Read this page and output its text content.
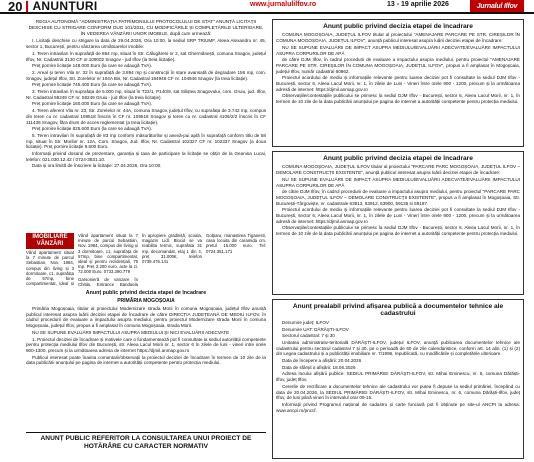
20 ANUNȚURI	www.jurnalulilfov.ro	13 - 19 aprilie 2026	Jurnalul Ilfov
REGIA AUTONOMĂ "ADMINISTRAȚIA PATRIMONIULUI PROTOCOLULUI DE STAT" ANUNȚĂ LICITAȚII DESCHISE CU STRIGARE CONFORM OUG 101/2011, CU MODIFICĂRILE ȘI COMPLETĂRILE ULTERIOARE, ÎN VEDEREA VÂNZĂRII UNOR IMOBILE, după cum urmează:

I. Licitații deschise cu strigare la data de 29.04.2026, Ora 10:00, la sediul SRP TRIUMF, Aleea Alexandru nr. 45, sector 1, București, pentru vânzarea următoarelor imobile:

1. Teren intravilan în suprafață de 864 mp, situat în Str. Călugăreni nr 2, sat Ghermănești, comuna Snagov, județul Ilfov, Nr. Cadastral 3130 CF nr.109002 Snagov - jud Ilfov (la treia licitație).

Preț pornire licitație 148.000 Euro (la care se adaugă TVA).

2. Areal și teren Vila nr. 32 în suprafață de 3.894 mp și construcții în stare avansată de degradare 156 mp, com. Snagov, județul Ilfov, Str. Zorelelor nr 104A Bis, Nr. Cadastral 194946 CF nr. 104946 Snagov (la treia licitație).

Preț pornire licitație 745.400 Euro (la care se adaugă TVA).

3. Teren intravilan în suprafața de 5.000 mp, situat în T22/1, P140/9, sat Siliștea Snagovului, com. Gruiu, jud. Ilfov, Nr. Cadastral 58249 CF nr. 58249 Gruiu - jud Ilfov (la treia licitație).

Preț pornire licitație 160.000 Euro (la care se adaugă TVA).

4. Teren aferent Vila nr. 23, Str. Zorelelor nr. 44A, comuna Snagov, județul Ilfov, cu suprafața de 3.742 mp, compus din teren cu nr. cadastral 109518 înscris în CF nr. 109518 Snagov și teren cu nr. cadastral 4106/2/2 înscris în CF 111436 Snagov, făra drum de acces reglementat (a treia licitație).

Preț pornire licitație 825.600 Euro (la care se adaugă TVA).

5. Teren intravilan în suprafață de 83 mp conform măsurătorilor și anexă-pui aplă în suprafață conform titlu de 58 mp, situat în Str. Morilor nr. 12A, Com. Snagov, Jud. Ilfov, Nr. Cadastral 102327 CF nr. 102337 Snagov (a doua licitație). Preț pornire licitație 9.600 Euro.

Informații privind dosarul de prezentare, garanția și taxa de participare la licitație se obțin de la Geanina Lucai, telefon: 021.030.12.42 / 0724-3831.10.

Data și ora limită de înscriere la licitație: 27.04.2026, Ora 10:00.

IMOBILIARE VÂNZĂRI
Vând apartament situat la 7 minute de parcul Sebastian, Nov. 1984, compus din living și 3 dormitoare, c1, suprafața de 57mp, bine compartimentat, ideal și
Vând apartament situat la 7 minute de parcul Sebastian, Nov. 1984, compus din living și 3 dormitoare, c1, suprafața de 57mp, bine compartimentat, ideal și pentru rezidențiali, 75 mp. Preț 3.200 euro, acte la zi, 72.000 Euro. 0733.390.779
Garsonieră de vanzare în Chitila, Entrance Banduela
În apropiere gradiniță, școala, magazin Lidl. Blocul se va reabilita termic, suprafata 31 mp, decomandat, etaj 1 din 4, preț 31.000€, telefon 0739.476.141
Golparu, manastirea Tiganesti, casa locuita din caramida cm. pretul 15.000 euro. Tel: 0724.351.171
Anunț public privind decizia etapei de încadrare
PRIMĂRIA MOGOȘOAIA

Primăria Mogoșoaia, titular al proiectului Modernizare strada Morii în comuna Mogoșoaia, județul Ilfov anunță publicul interesat asupra luării deciziei etapei de încadrare de către DIRECȚIA JUDEȚEANĂ DE MEDIU ILFOV, în cadrul procedurii de evaluare a impactului asupra mediului, pentru proiectul Modernizare strada Morii în comuna Mogoșoaia, județul Ilfov, propus a fi amplasat în comuna Mogoșoaia, strada Morii.

NU SE SUPUNE EVALUĂRII IMPACTULUI ASUPRA MEDIULUI ȘI NICI EVALUĂRII ADECVATE

1. Proiectul deciziei de încadrare și motivele care o fundamentează pot fi consultate la sediul autorității competente pentru protecția mediului Ilfov din București, str. Aleea Lacul Morii nr. 1, sector 6 în zilele de luni - vineri intre orele 900-1300, precum și la următoarea adresa de internet https://djmil.anmap.gov.ro

Publicul interesat poate înainta comentarii/observații la proiectul deciziei de încadrare în termen de 10 zile de la data publicării anunțului pe pagina de internet a autorității competente pentru protecția mediului.

ANUNȚ PUBLIC REFERITOR LA CONSULTAREA UNUI PROIECT DE HOTĂRÂRE CU CARACTER NORMATIV
Anunț public privind decizia etapei de încadrare

COMUNA MOGOȘOAIA, JUDEȚUL ILFOV titular al proiectului "AMENAJARE PARCARE PE STR. CIREȘILOR ÎN COMUNA MOGOȘOAIA, JUDEȚUL ILFOV", anunță publicul interesat asupra luării deciziei etapei de încadrare:

NU SE SUPUNE EVALUĂRII DE IMPACT ASUPRA MEDIULUI/EVALUĂRII ADECVATE/EVALUĂRII IMPACTULUI ASUPRA CORPURILOR DE APĂ

de către DJM Ilfov, în cadrul procedurii de evaluare a impactului asupra mediului, pentru proiectul "AMENAJARE PARCARE PE STR. CIREȘILOR ÎN COMUNA MOGOȘOAIA, JUDEȚUL ILFOV", propus a fi amplasat în Mogoșoaia, județul Ilfov, număr cadastral 60962.

Proiectul acordului de mediu și informațiile relevante pentru luarea deciziei pot fi consultate la sediul DJM Ilfov - București, sector 6, Aleea Lacul Morii, nr. 1, în zilele de Luni - Vineri între orele 900 - 1200, precum și la următoarea adresă de internet: https://djmil.anmap.gov.ro

Observațiile/contestațiile publicului se primesc la sediul DJM Ilfov - București, sector 6, Aleea Lacul Morii, nr. 1, în termen de 10 zile de la data publicării anunțului pe pagina de internet a autorității competente pentru protecția mediului.

Anunț public privind decizia etapei de încadrare

COMUNA MOGOȘOAIA, JUDEȚUL ILFOV titular al proiectului "PARCARE PARC MOGOȘOAIA, JUDEȚUL ILFOV – DEMOLARE CONSTRUCȚII EXISTENTE", anunță publicul interesat asupra luării deciziei etapei de încadrare:

NU SE SUPUNE EVALUĂRII DE IMPACT ASUPRA MEDIULUI/EVALUĂRII ADECVATE/EVALUĂRII IMPACTULUI ASUPRA CORPURILOR DE APĂ

de către DJM Ilfov, în cadrul procedurii de evaluare a impactului asupra mediului, pentru proiectul "PARCARE PARC MOGOȘOAIA, JUDEȚUL ILFOV – DEMOLARE CONSTRUCȚII EXISTENTE", propus a fi amplasat în Mogoșoaia, Str. București-Târgoviște, nr. cadastrale 63913, 63912, 63900, 59135 si 59187.

Proiectul acordului de mediu și informațiile relevante pentru luarea deciziei pot fi consultate la sediul DJM Ilfov - București, sector 6, Aleea Lacul Morii, nr. 1, în zilele de Luni - Vineri între orele 900 - 1200, precum și la următoarea adresă de internet: https://djmil.anmap.gov.ro

Observațiile/contestațiile publicului se primesc la sediul DJM Ilfov - București, sector 6, Aleea Lacul Morii, nr. 1, în termen de 10 zile de la data publicării anunțului pe pagina de internet a autorității competente pentru protecția mediului.

Anunț prealabil privind afișarea publică a documentelor tehnice ale cadastrului

Denumire județ: ILFOV

Denumire UAT: DĂRĂȘTI-ILFOV

Sectorul cadastral: 7 și 30

Unitatea administrativ-teritorială DĂRĂȘTI-ILFOV, județul ILFOV, anunță publicarea documentelor tehnice ale cadastrului pentru sectorul cadastral 7 și 30, pe o perioadă de 60 de zile calendaristice, conform art. 14 alin. (1) și (2) din Legea cadastrului și a publicității imobiliare nr. 7/1996, republicată, cu modificările și completările ulterioare.

Data de începere a afișării: 20.04.2026

Data de sfârșit a afișării: 18.06.2026

Adresa locului afișării publice: SEDIUL PRIMĂRIEI DĂRĂȘTI-ILFOV, str. Mihai Eminescu, nr. 6, comuna Dărăști-Ilfov, județ Ilfov.

Cererile de rectificare a documentelor tehnice ale cadastrului vor putea fi depuse la sediul primăriei, începând cu data de 20.04.2026, la SEDIUL PRIMĂRIEI DĂRĂȘTI-ILFOV, str. Mihai Eminescu, nr. 6, comuna Dărăști-Ilfov, județ Ilfov, de luni până vineri în intervalul orar 09-15.

Informații privind Programul național de cadastru și carte funciară pot fi obținute pe site-ul ANCPI la adresa: www.ancpi.ro/pnccf.
